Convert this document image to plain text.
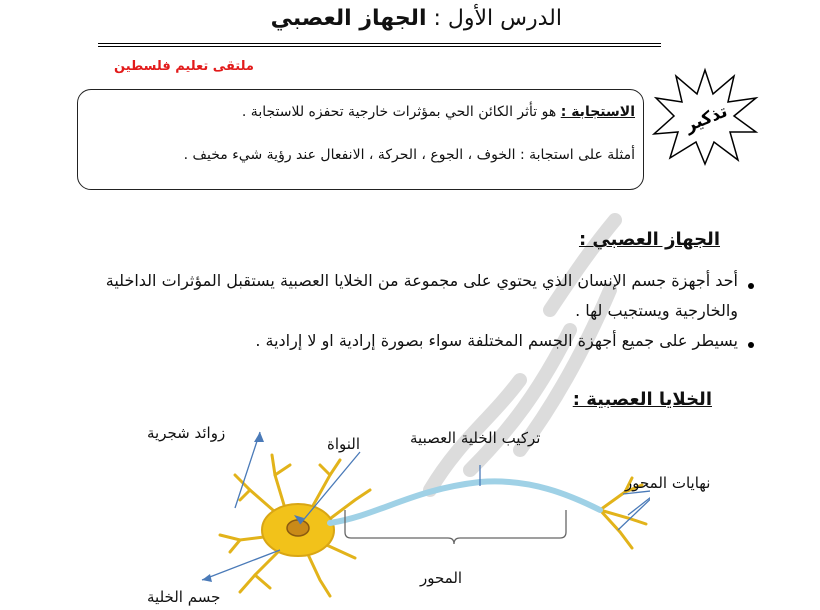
الدرس الأول : الجهاز العصبي
ملتقى تعليم فلسطين
الاستجابة : هو تأثر الكائن الحي بمؤثرات خارجية تحفزه للاستجابة .
أمثلة على استجابة : الخوف ، الجوع ، الحركة ، الانفعال عند رؤية شيء مخيف .
تذكير
الجهاز العصبي :
أحد أجهزة جسم الإنسان الذي يحتوي على مجموعة من الخلايا العصبية يستقبل المؤثرات الداخلية
والخارجية ويستجيب لها .
يسيطر على جميع أجهزة الجسم المختلفة سواء بصورة إرادية او لا إرادية .
الخلايا العصبية :
زوائد شجرية
النواة	تركيب الخلية العصبية
نهايات المحور
المحور
جسم الخلية
